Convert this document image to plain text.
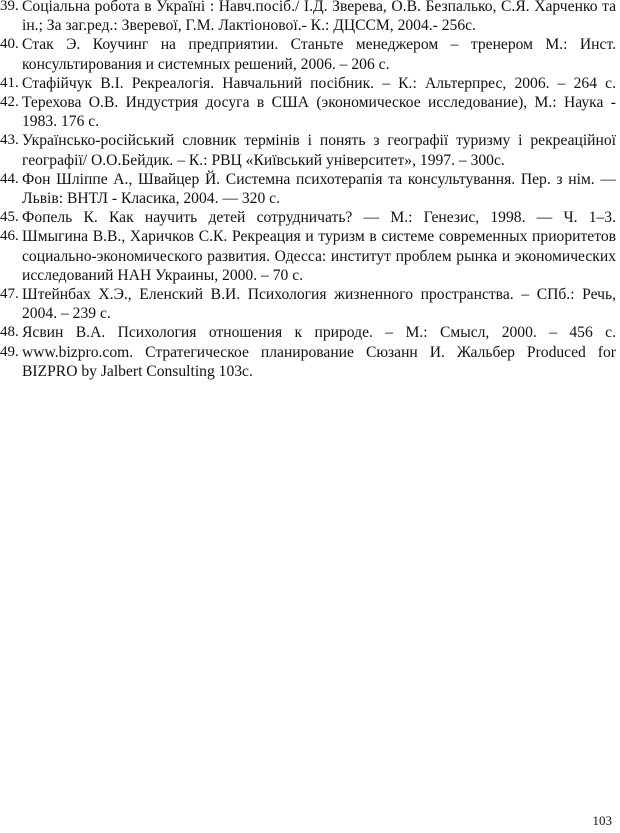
39. Соціальна робота в Україні : Навч.посіб./ І.Д. Зверева, О.В. Безпалько, С.Я. Харченко та ін.; За заг.ред.: Зверевої, Г.М. Лактіонової.- К.: ДЦССМ, 2004.- 256с.
40. Стак Э. Коучинг на предприятии. Станьте менеджером – тренером М.: Инст. консультирования и системных решений, 2006. – 206 с.
41. Стафійчук В.І. Рекреалогія. Навчальний посібник. – К.: Альтерпрес, 2006. – 264 с.
42. Терехова О.В. Индустрия досуга в США (экономическое исследование), М.: Наука - 1983. 176 с.
43. Українсько-російський словник термінів і понять з географії туризму і рекреаційної географії/ О.О.Бейдик. – К.: РВЦ «Київський університет», 1997. – 300с.
44. Фон Шліппе А., Швайцер Й. Системна психотерапія та консультування. Пер. з нім. — Львів: ВНТЛ - Класика, 2004. — 320 с.
45. Фопель К. Как научить детей сотрудничать? — М.: Генезис, 1998. — Ч. 1–3.
46. Шмыгина В.В., Харичков С.К. Рекреация и туризм в системе современных приоритетов социально-экономического развития. Одесса: институт проблем рынка и экономических исследований НАН Украины, 2000. – 70 с.
47. Штейнбах Х.Э., Еленский В.И. Психология жизненного пространства. – СПб.: Речь, 2004. – 239 с.
48. Ясвин В.А. Психология отношения к природе. – М.: Смысл, 2000. – 456 с.
49. www.bizpro.com. Стратегическое планирование Сюзанн И. Жальбер Produced for BIZPRO by Jalbert Consulting 103с.
103
